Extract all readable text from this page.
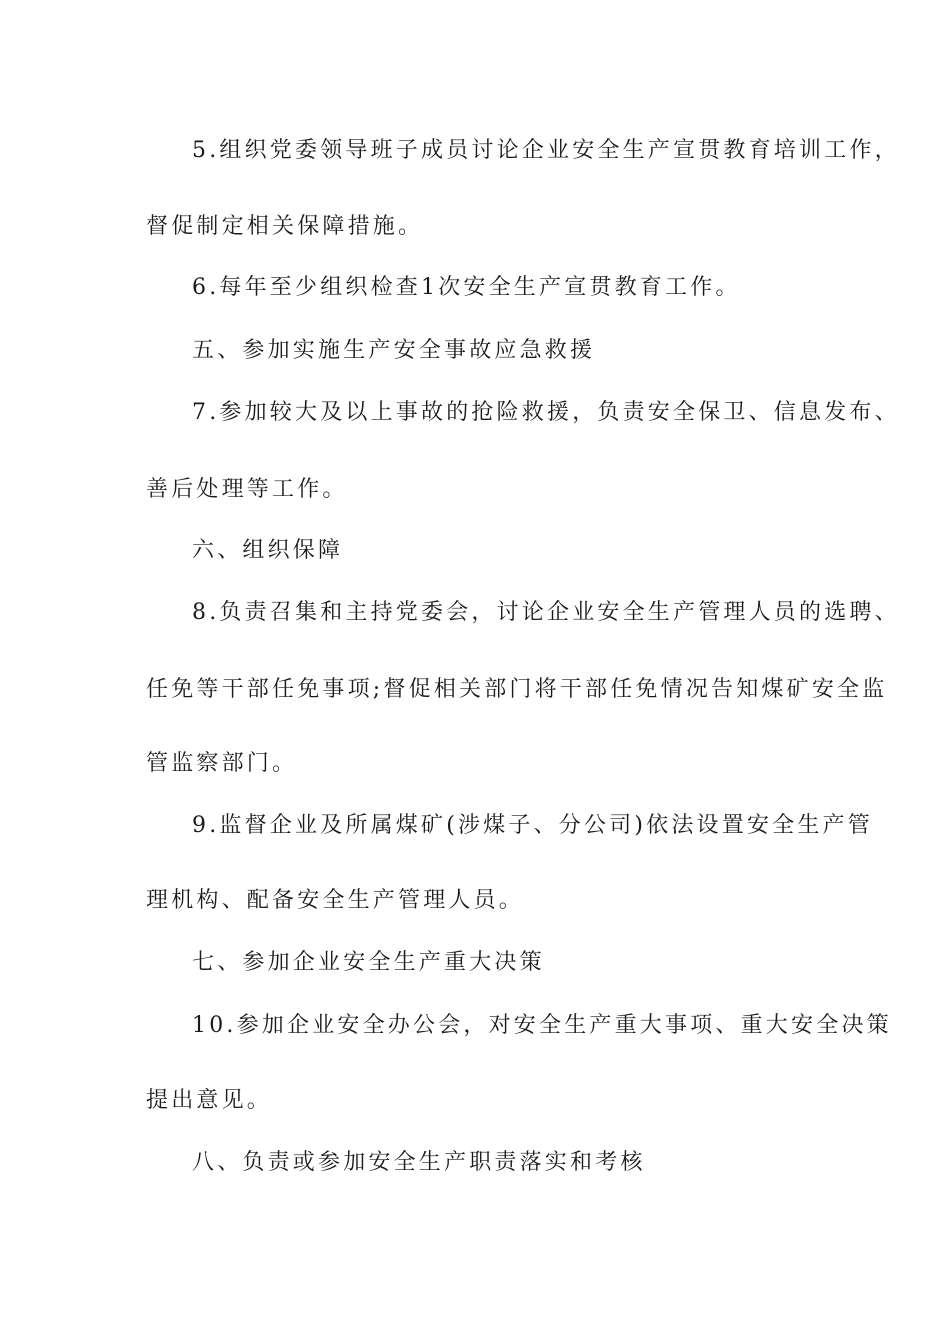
5.组织党委领导班子成员讨论企业安全生产宣贯教育培训工作，
督促制定相关保障措施。
6.每年至少组织检查1次安全生产宣贯教育工作。
五、参加实施生产安全事故应急救援
7.参加较大及以上事故的抢险救援，负责安全保卫、信息发布、
善后处理等工作。
六、组织保障
8.负责召集和主持党委会，讨论企业安全生产管理人员的选聘、
任免等干部任免事项;督促相关部门将干部任免情况告知煤矿安全监
管监察部门。
9.监督企业及所属煤矿(涉煤子、分公司)依法设置安全生产管
理机构、配备安全生产管理人员。
七、参加企业安全生产重大决策
10.参加企业安全办公会，对安全生产重大事项、重大安全决策
提出意见。
八、负责或参加安全生产职责落实和考核
